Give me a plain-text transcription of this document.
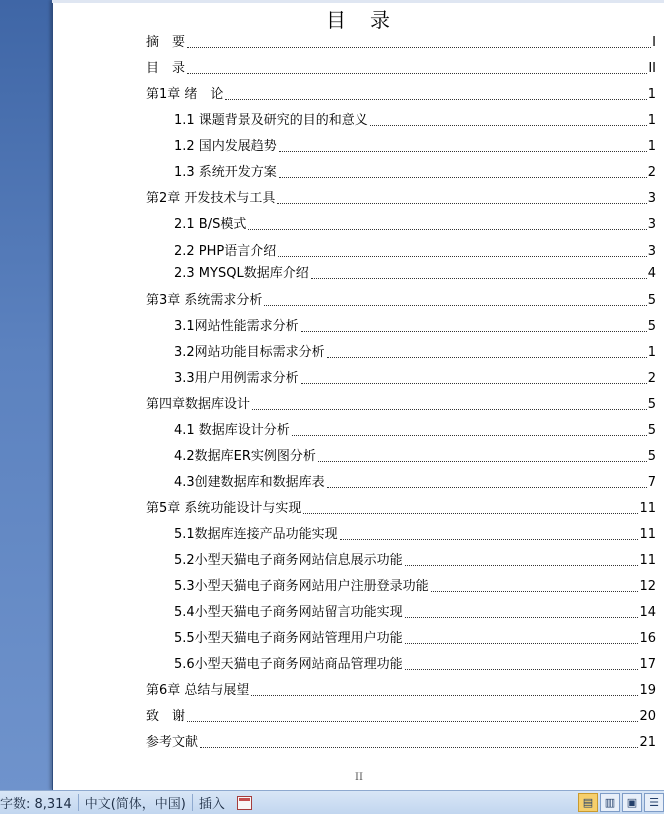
目　录
摘　要	I
目　录	II
第1章 绪　论	1
1.1 课题背景及研究的目的和意义	1
1.2 国内发展趋势	1
1.3 系统开发方案	2
第2章 开发技术与工具	3
2.1 B/S模式	3
2.2 PHP语言介绍	3
2.3 MYSQL数据库介绍	4
第3章 系统需求分析	5
3.1网站性能需求分析	5
3.2网站功能目标需求分析	1
3.3用户用例需求分析	2
第四章数据库设计	5
4.1 数据库设计分析	5
4.2数据库ER实例图分析	5
4.3创建数据库和数据库表	7
第5章 系统功能设计与实现	11
5.1数据库连接产品功能实现	11
5.2小型天猫电子商务网站信息展示功能	11
5.3小型天猫电子商务网站用户注册登录功能	12
5.4小型天猫电子商务网站留言功能实现	14
5.5小型天猫电子商务网站管理用户功能	16
5.6小型天猫电子商务网站商品管理功能	17
第6章 总结与展望	19
致　谢	20
参考文献	21
II
字数: 8,314	中文(简体，中国)	插入	▤ ▥ ▣ ☰
